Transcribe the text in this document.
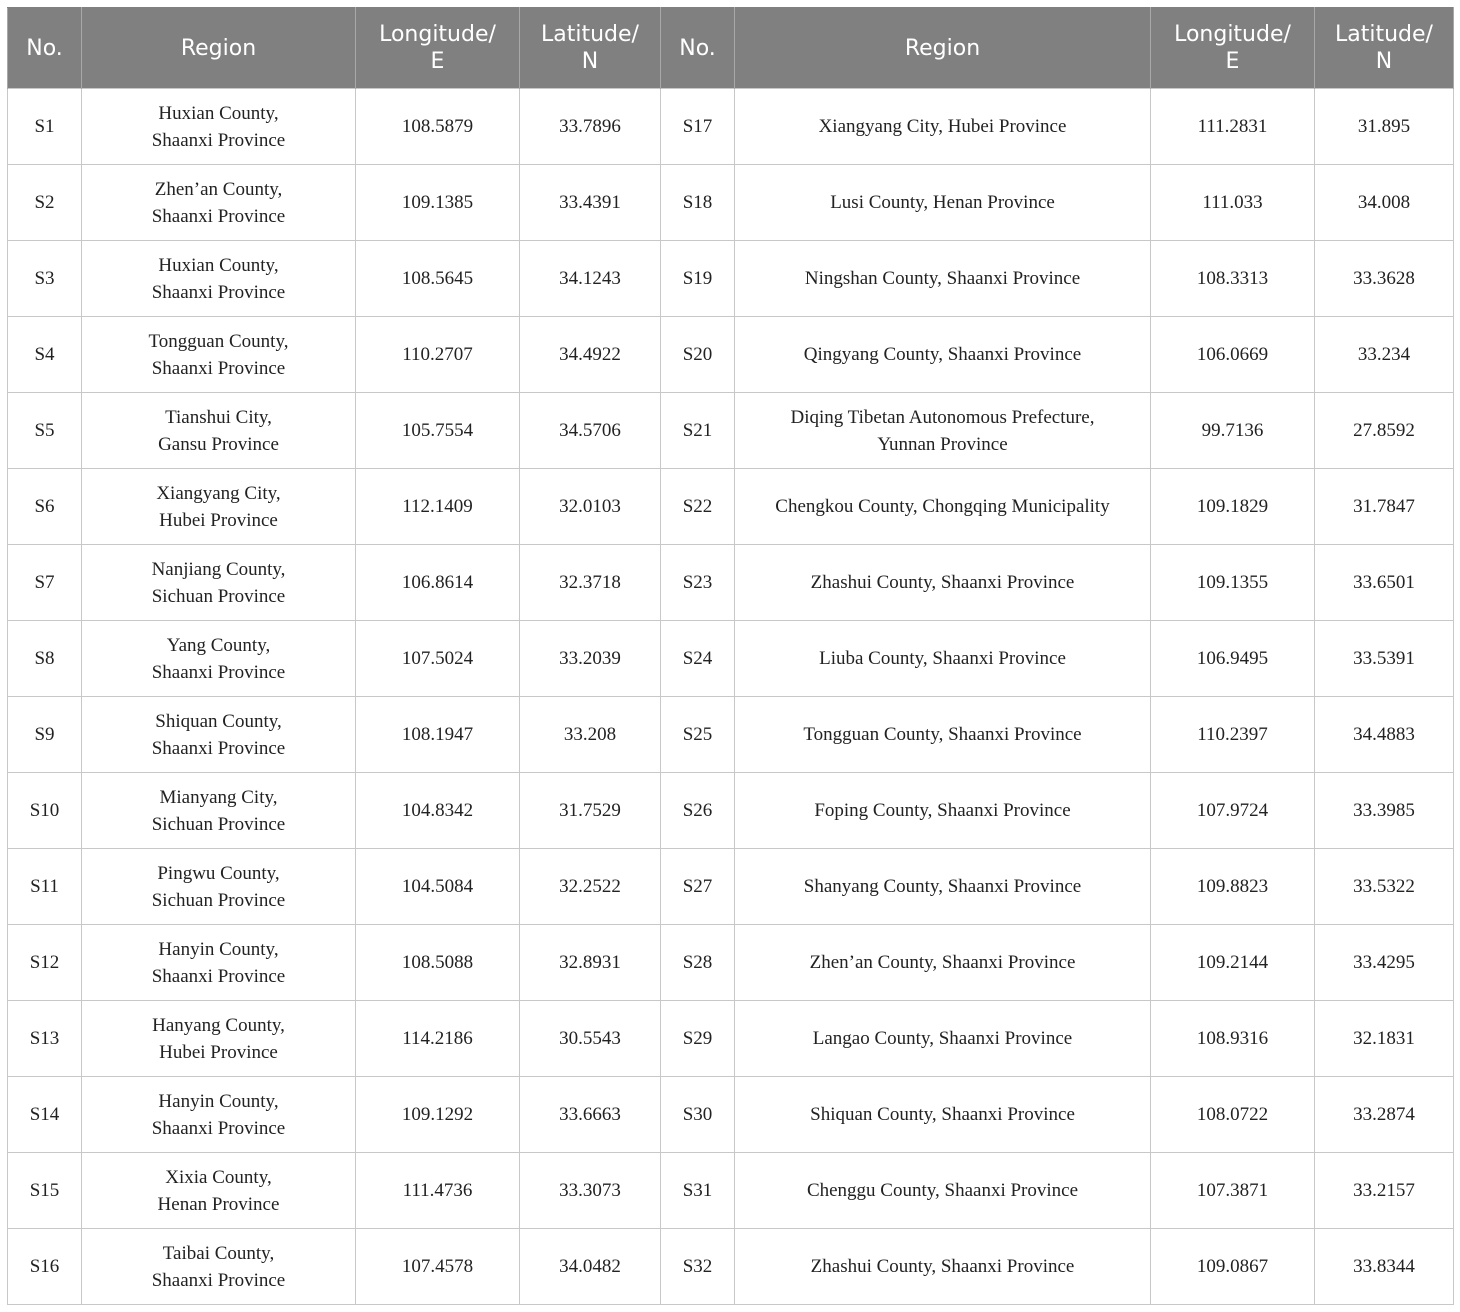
No.	Region	Longitude/
E	Latitude/
N	No.	Region	Longitude/
E	Latitude/
N
S1	Huxian County,
Shaanxi Province	108.5879	33.7896	S17	Xiangyang City, Hubei Province	111.2831	31.895
S2	Zhen’an County,
Shaanxi Province	109.1385	33.4391	S18	Lusi County, Henan Province	111.033	34.008
S3	Huxian County,
Shaanxi Province	108.5645	34.1243	S19	Ningshan County, Shaanxi Province	108.3313	33.3628
S4	Tongguan County,
Shaanxi Province	110.2707	34.4922	S20	Qingyang County, Shaanxi Province	106.0669	33.234
S5	Tianshui City,
Gansu Province	105.7554	34.5706	S21	Diqing Tibetan Autonomous Prefecture,
Yunnan Province	99.7136	27.8592
S6	Xiangyang City,
Hubei Province	112.1409	32.0103	S22	Chengkou County, Chongqing Municipality	109.1829	31.7847
S7	Nanjiang County,
Sichuan Province	106.8614	32.3718	S23	Zhashui County, Shaanxi Province	109.1355	33.6501
S8	Yang County,
Shaanxi Province	107.5024	33.2039	S24	Liuba County, Shaanxi Province	106.9495	33.5391
S9	Shiquan County,
Shaanxi Province	108.1947	33.208	S25	Tongguan County, Shaanxi Province	110.2397	34.4883
S10	Mianyang City,
Sichuan Province	104.8342	31.7529	S26	Foping County, Shaanxi Province	107.9724	33.3985
S11	Pingwu County,
Sichuan Province	104.5084	32.2522	S27	Shanyang County, Shaanxi Province	109.8823	33.5322
S12	Hanyin County,
Shaanxi Province	108.5088	32.8931	S28	Zhen’an County, Shaanxi Province	109.2144	33.4295
S13	Hanyang County,
Hubei Province	114.2186	30.5543	S29	Langao County, Shaanxi Province	108.9316	32.1831
S14	Hanyin County,
Shaanxi Province	109.1292	33.6663	S30	Shiquan County, Shaanxi Province	108.0722	33.2874
S15	Xixia County,
Henan Province	111.4736	33.3073	S31	Chenggu County, Shaanxi Province	107.3871	33.2157
S16	Taibai County,
Shaanxi Province	107.4578	34.0482	S32	Zhashui County, Shaanxi Province	109.0867	33.8344
